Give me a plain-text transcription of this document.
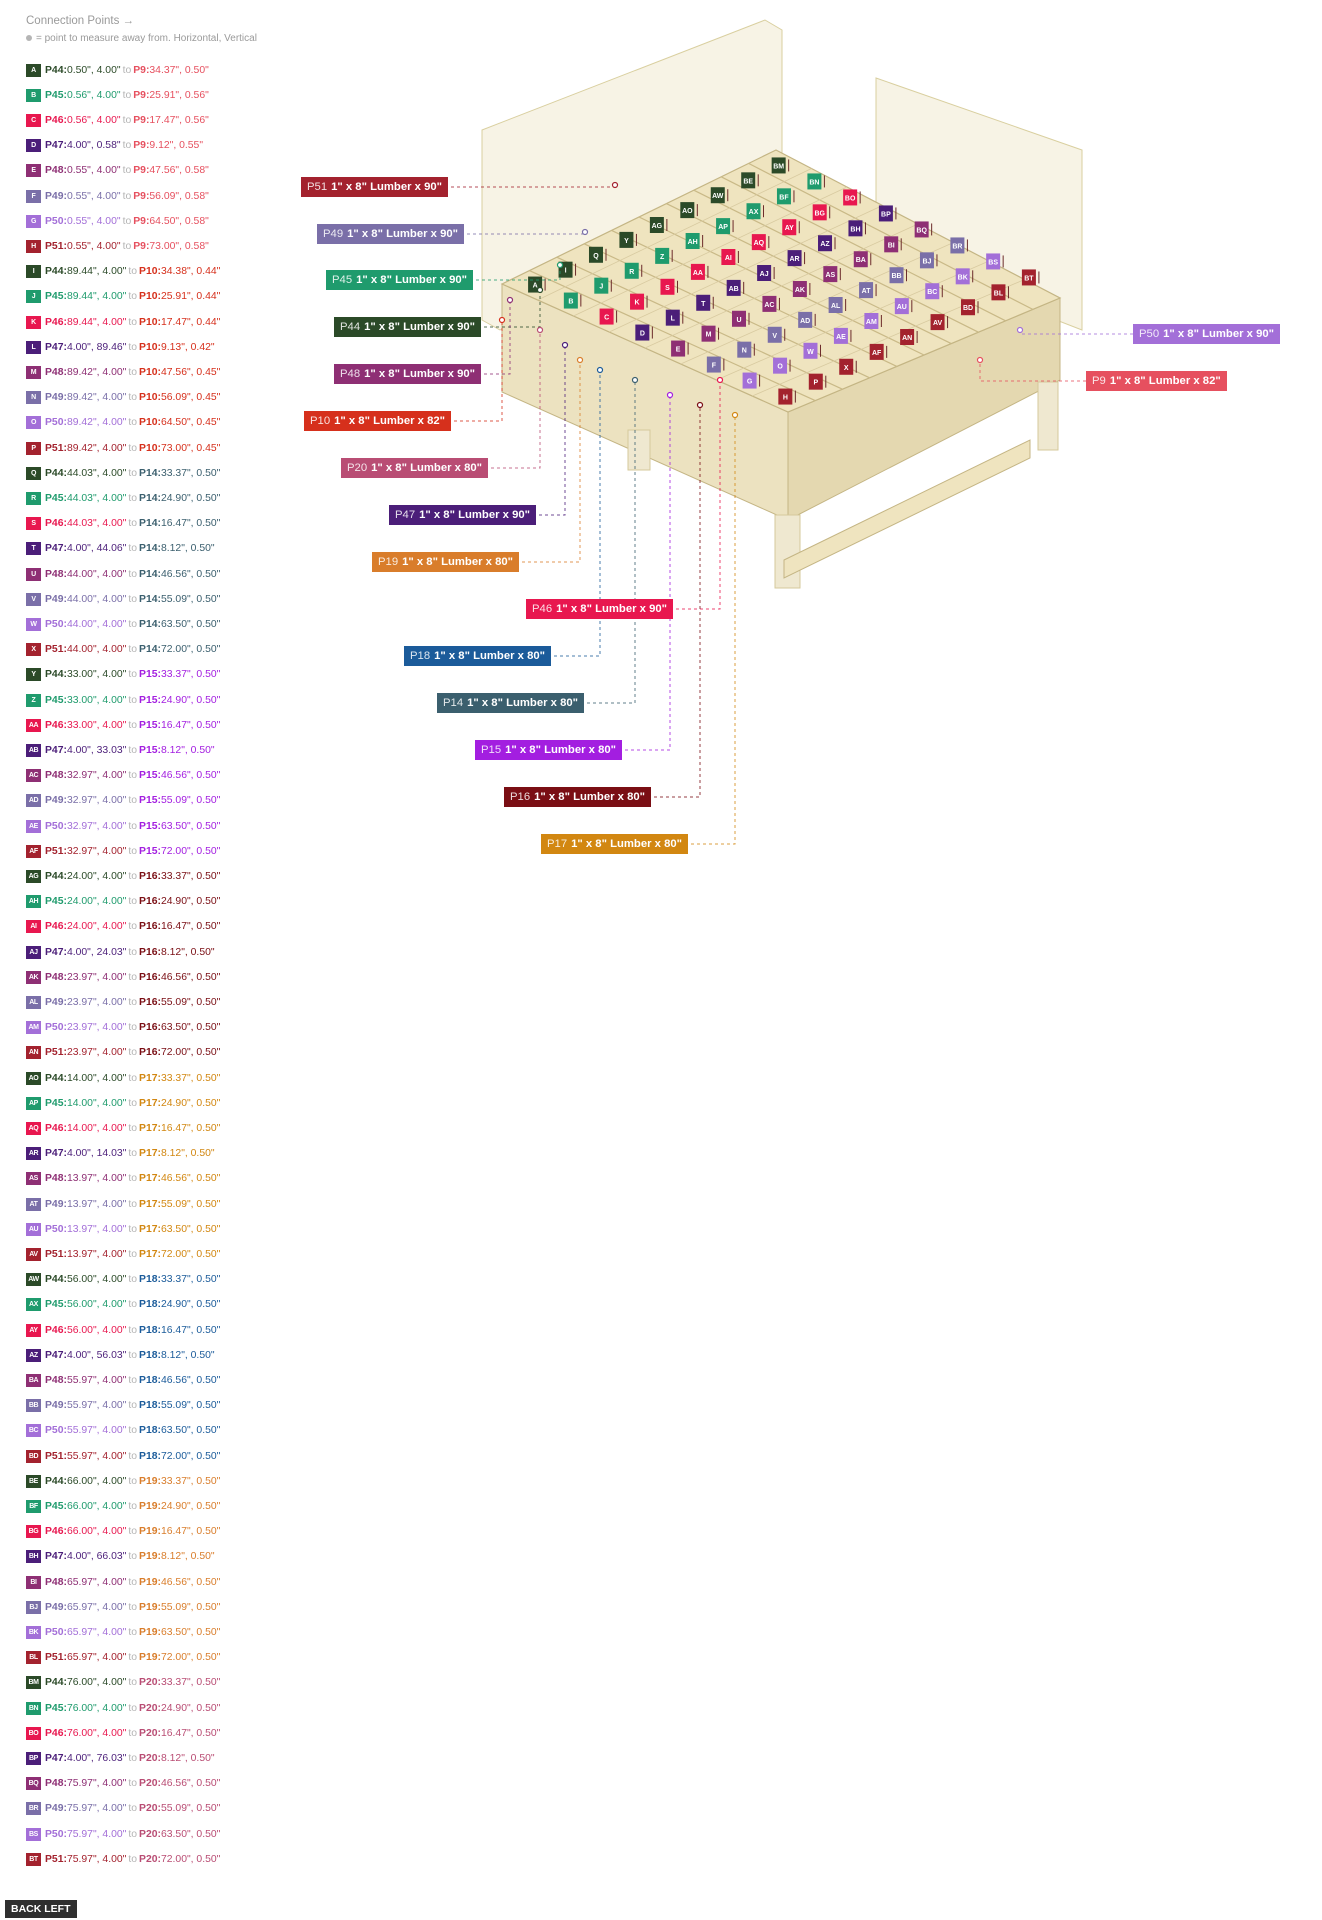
Connection Points →
= point to measure away from. Horizontal, Vertical
A P44: 0.50", 4.00" to P9: 34.37", 0.50"
B P45: 0.56", 4.00" to P9: 25.91", 0.56"
C P46: 0.56", 4.00" to P9: 17.47", 0.56"
D P47: 4.00", 0.58" to P9: 9.12", 0.55"
E P48: 0.55", 4.00" to P9: 47.56", 0.58"
F P49: 0.55", 4.00" to P9: 56.09", 0.58"
G P50: 0.55", 4.00" to P9: 64.50", 0.58"
H P51: 0.55", 4.00" to P9: 73.00", 0.58"
I	P44: 89.44", 4.00" to P10: 34.38", 0.44"
J P45: 89.44", 4.00" to P10: 25.91", 0.44"
K P46: 89.44", 4.00" to P10: 17.47", 0.44"
L P47: 4.00", 89.46" to P10: 9.13", 0.42"
M P48: 89.42", 4.00" to P10: 47.56", 0.45"
N P49: 89.42", 4.00" to P10: 56.09", 0.45"
O P50: 89.42", 4.00" to P10: 64.50", 0.45"
P P51: 89.42", 4.00" to P10: 73.00", 0.45"
Q P44: 44.03", 4.00" to P14: 33.37", 0.50"
R P45: 44.03", 4.00" to P14: 24.90", 0.50"
S P46: 44.03", 4.00" to P14: 16.47", 0.50"
T P47: 4.00", 44.06" to P14: 8.12", 0.50"
U P48: 44.00", 4.00" to P14: 46.56", 0.50"
V P49: 44.00", 4.00" to P14: 55.09", 0.50"
W P50: 44.00", 4.00" to P14: 63.50", 0.50"
X P51: 44.00", 4.00" to P14: 72.00", 0.50"
Y P44: 33.00", 4.00" to P15: 33.37", 0.50"
Z P45: 33.00", 4.00" to P15: 24.90", 0.50"
AA P46: 33.00", 4.00" to P15: 16.47", 0.50"
AB P47: 4.00", 33.03" to P15: 8.12", 0.50"
AC P48: 32.97", 4.00" to P15: 46.56", 0.50"
AD P49: 32.97", 4.00" to P15: 55.09", 0.50"
AE P50: 32.97", 4.00" to P15: 63.50", 0.50"
AF P51: 32.97", 4.00" to P15: 72.00", 0.50"
AG P44: 24.00", 4.00" to P16: 33.37", 0.50"
AH P45: 24.00", 4.00" to P16: 24.90", 0.50"
AI P46: 24.00", 4.00" to P16: 16.47", 0.50"
AJ P47: 4.00", 24.03" to P16: 8.12", 0.50"
AK P48: 23.97", 4.00" to P16: 46.56", 0.50"
AL P49: 23.97", 4.00" to P16: 55.09", 0.50"
AM P50: 23.97", 4.00" to P16: 63.50", 0.50"
AN P51: 23.97", 4.00" to P16: 72.00", 0.50"
AO P44: 14.00", 4.00" to P17: 33.37", 0.50"
AP P45: 14.00", 4.00" to P17: 24.90", 0.50"
AQ P46: 14.00", 4.00" to P17: 16.47", 0.50"
AR P47: 4.00", 14.03" to P17: 8.12", 0.50"
AS P48: 13.97", 4.00" to P17: 46.56", 0.50"
AT P49: 13.97", 4.00" to P17: 55.09", 0.50"
AU P50: 13.97", 4.00" to P17: 63.50", 0.50"
AV P51: 13.97", 4.00" to P17: 72.00", 0.50"
AW P44: 56.00", 4.00" to P18: 33.37", 0.50"
AX P45: 56.00", 4.00" to P18: 24.90", 0.50"
AY P46: 56.00", 4.00" to P18: 16.47", 0.50"
AZ P47: 4.00", 56.03" to P18: 8.12", 0.50"
BA P48: 55.97", 4.00" to P18: 46.56", 0.50"
BB P49: 55.97", 4.00" to P18: 55.09", 0.50"
BC P50: 55.97", 4.00" to P18: 63.50", 0.50"
BD P51: 55.97", 4.00" to P18: 72.00", 0.50"
BE P44: 66.00", 4.00" to P19: 33.37", 0.50"
BF P45: 66.00", 4.00" to P19: 24.90", 0.50"
BG P46: 66.00", 4.00" to P19: 16.47", 0.50"
BH P47: 4.00", 66.03" to P19: 8.12", 0.50"
BI P48: 65.97", 4.00" to P19: 46.56", 0.50"
BJ P49: 65.97", 4.00" to P19: 55.09", 0.50"
BK P50: 65.97", 4.00" to P19: 63.50", 0.50"
BL P51: 65.97", 4.00" to P19: 72.00", 0.50"
BM P44: 76.00", 4.00" to P20: 33.37", 0.50"
BN P45: 76.00", 4.00" to P20: 24.90", 0.50"
BO P46: 76.00", 4.00" to P20: 16.47", 0.50"
BP P47: 4.00", 76.03" to P20: 8.12", 0.50"
BQ P48: 75.97", 4.00" to P20: 46.56", 0.50"
BR P49: 75.97", 4.00" to P20: 55.09", 0.50"
BS P50: 75.97", 4.00" to P20: 63.50", 0.50"
BT P51: 75.97", 4.00" to P20: 72.00", 0.50"
A
B
C
D
E
F
G
H
I
J
K
L
M
N
O
P
Q
R
S
T
U
V
W
X
Y
Z
AA
AB
AC
AD
AE
AF
AG
AH
AI
AJ
AK
AL
AM
AN
AO
AP
AQ
AR
AS
AT
AU
AV
AW
AX
AY
AZ
BA
BB
BC
BD
BE
BF
BG
BH
BI
BJ
BK
BL
BM
BN
BO
BP
BQ
BR
BS
BT
P51 1" x 8" Lumber x 90"
P49 1" x 8" Lumber x 90"
P45 1" x 8" Lumber x 90"
P44 1" x 8" Lumber x 90"
P48 1" x 8" Lumber x 90"
P10 1" x 8" Lumber x 82"
P20 1" x 8" Lumber x 80"
P47 1" x 8" Lumber x 90"
P19 1" x 8" Lumber x 80"
P46 1" x 8" Lumber x 90"
P18 1" x 8" Lumber x 80"
P14 1" x 8" Lumber x 80"
P15 1" x 8" Lumber x 80"
P16 1" x 8" Lumber x 80"
P17 1" x 8" Lumber x 80"
P50 1" x 8" Lumber x 90"
P9 1" x 8" Lumber x 82"
BACK LEFT
